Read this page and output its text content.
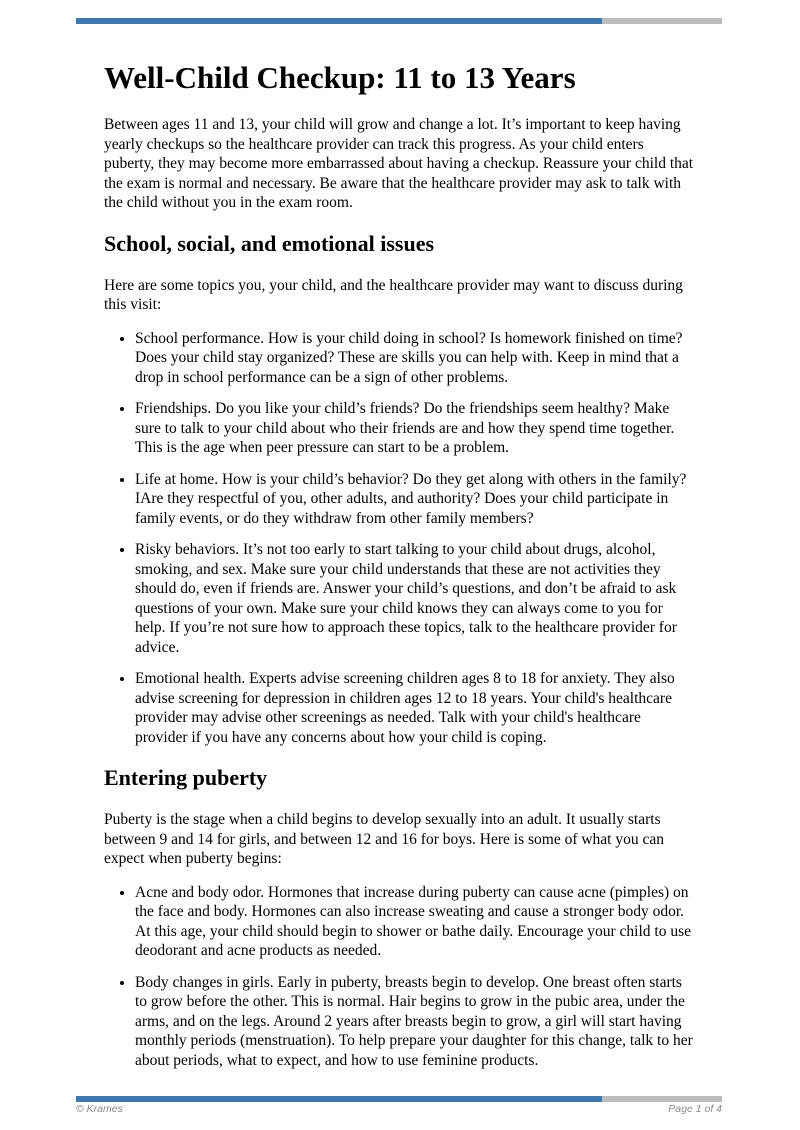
Well-Child Checkup: 11 to 13 Years

Between ages 11 and 13, your child will grow and change a lot. It’s important to keep having yearly checkups so the healthcare provider can track this progress. As your child enters puberty, they may become more embarrassed about having a checkup. Reassure your child that the exam is normal and necessary. Be aware that the healthcare provider may ask to talk with the child without you in the exam room.

School, social, and emotional issues

Here are some topics you, your child, and the healthcare provider may want to discuss during this visit:

• School performance. How is your child doing in school? Is homework finished on time? Does your child stay organized? These are skills you can help with. Keep in mind that a drop in school performance can be a sign of other problems.
• Friendships. Do you like your child’s friends? Do the friendships seem healthy? Make sure to talk to your child about who their friends are and how they spend time together. This is the age when peer pressure can start to be a problem.
• Life at home. How is your child’s behavior? Do they get along with others in the family? IAre they respectful of you, other adults, and authority? Does your child participate in family events, or do they withdraw from other family members?
• Risky behaviors. It’s not too early to start talking to your child about drugs, alcohol, smoking, and sex. Make sure your child understands that these are not activities they should do, even if friends are. Answer your child’s questions, and don’t be afraid to ask questions of your own. Make sure your child knows they can always come to you for help. If you’re not sure how to approach these topics, talk to the healthcare provider for advice.
• Emotional health. Experts advise screening children ages 8 to 18 for anxiety. They also advise screening for depression in children ages 12 to 18 years. Your child's healthcare provider may advise other screenings as needed. Talk with your child's healthcare provider if you have any concerns about how your child is coping.
Entering puberty

Puberty is the stage when a child begins to develop sexually into an adult. It usually starts between 9 and 14 for girls, and between 12 and 16 for boys. Here is some of what you can expect when puberty begins:

• Acne and body odor. Hormones that increase during puberty can cause acne (pimples) on the face and body. Hormones can also increase sweating and cause a stronger body odor. At this age, your child should begin to shower or bathe daily. Encourage your child to use deodorant and acne products as needed.
• Body changes in girls. Early in puberty, breasts begin to develop. One breast often starts to grow before the other. This is normal. Hair begins to grow in the pubic area, under the arms, and on the legs. Around 2 years after breasts begin to grow, a girl will start having monthly periods (menstruation). To help prepare your daughter for this change, talk to her about periods, what to expect, and how to use feminine products.
© Krames	Page 1 of 4
